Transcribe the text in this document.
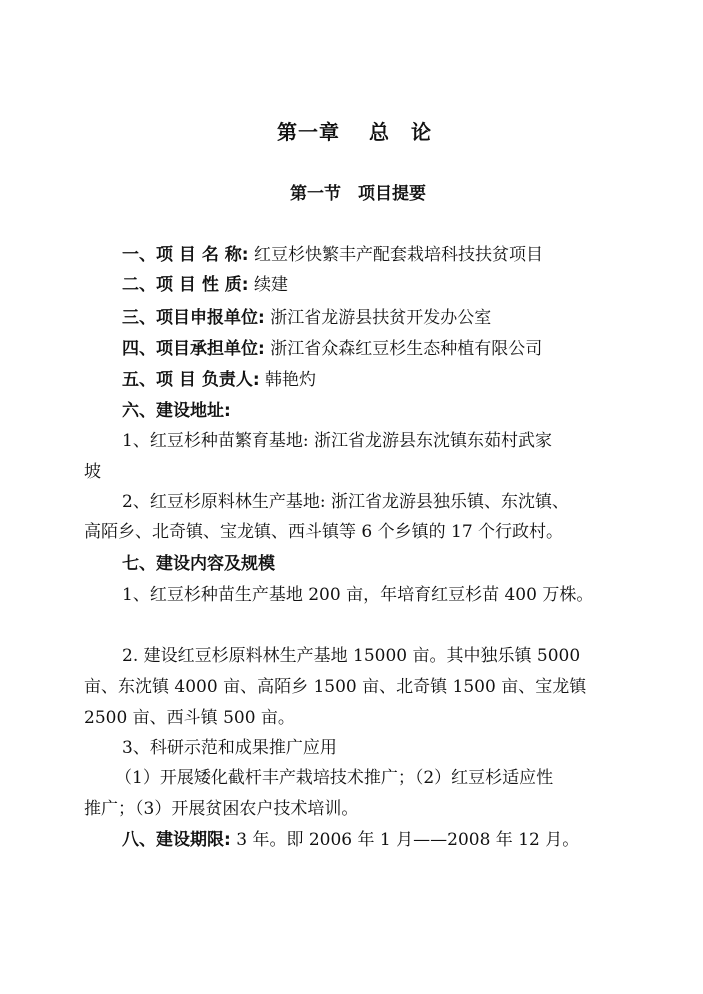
第一章　 总　论
第一节　项目提要
一、项 目 名 称: 红豆杉快繁丰产配套栽培科技扶贫项目
二、项 目 性 质: 续建
三、项目申报单位: 浙江省龙游县扶贫开发办公室
四、项目承担单位: 浙江省众森红豆杉生态种植有限公司
五、项 目 负责人: 韩艳灼
六、建设地址:
1、红豆杉种苗繁育基地: 浙江省龙游县东沈镇东茹村武家
坡
2、红豆杉原料林生产基地: 浙江省龙游县独乐镇、东沈镇、
高陌乡、北奇镇、宝龙镇、西斗镇等 6 个乡镇的 17 个行政村。
七、建设内容及规模
1、红豆杉种苗生产基地 200 亩，年培育红豆杉苗 400 万株。
2. 建设红豆杉原料林生产基地 15000 亩。其中独乐镇 5000
亩、东沈镇 4000 亩、高陌乡 1500 亩、北奇镇 1500 亩、宝龙镇
2500 亩、西斗镇 500 亩。
3、科研示范和成果推广应用
（1）开展矮化截杆丰产栽培技术推广；（2）红豆杉适应性
推广；（3）开展贫困农户技术培训。
八、建设期限: 3 年。即 2006 年 1 月——2008 年 12 月。
